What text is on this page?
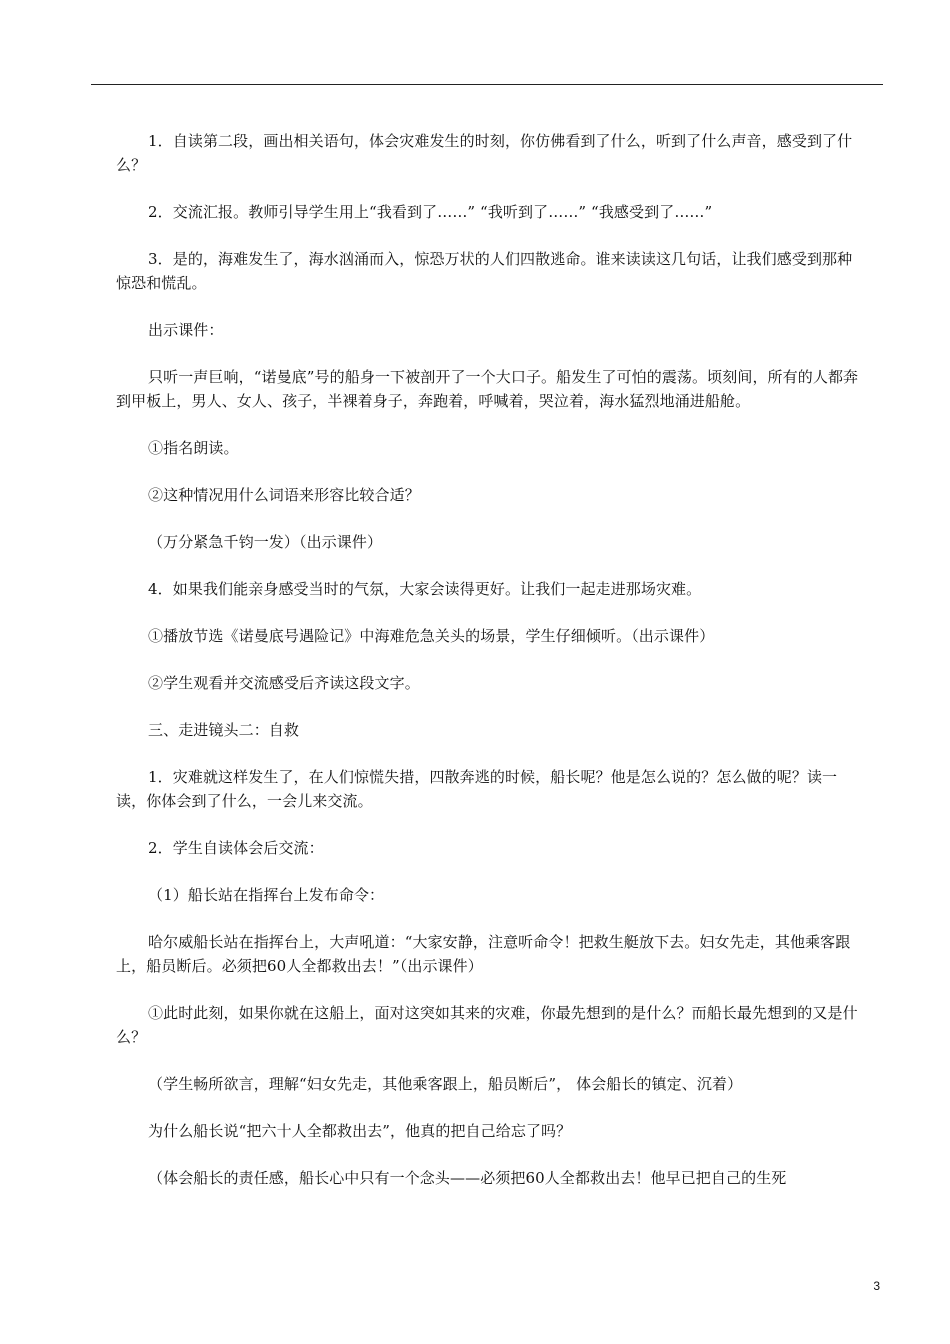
1．自读第二段，画出相关语句，体会灾难发生的时刻，你仿佛看到了什么，听到了什么声音，感受到了什么？

2．交流汇报。教师引导学生用上“我看到了……” “我听到了……” “我感受到了……”

3．是的，海难发生了，海水汹涌而入，惊恐万状的人们四散逃命。谁来读读这几句话，让我们感受到那种惊恐和慌乱。

出示课件：

只听一声巨响，“诺曼底”号的船身一下被剖开了一个大口子。船发生了可怕的震荡。顷刻间，所有的人都奔到甲板上，男人、女人、孩子，半裸着身子，奔跑着，呼喊着，哭泣着，海水猛烈地涌进船舱。

①指名朗读。

②这种情况用什么词语来形容比较合适？

（万分紧急千钧一发）（出示课件）

4．如果我们能亲身感受当时的气氛，大家会读得更好。让我们一起走进那场灾难。

①播放节选《诺曼底号遇险记》中海难危急关头的场景，学生仔细倾听。（出示课件）

②学生观看并交流感受后齐读这段文字。

三、走进镜头二：自救

1．灾难就这样发生了，在人们惊慌失措，四散奔逃的时候，船长呢？他是怎么说的？怎么做的呢？读一读，你体会到了什么，一会儿来交流。

2．学生自读体会后交流：

（1）船长站在指挥台上发布命令：

哈尔威船长站在指挥台上，大声吼道：“大家安静，注意听命令！把救生艇放下去。妇女先走，其他乘客跟上，船员断后。必须把60人全都救出去！”（出示课件）

①此时此刻，如果你就在这船上，面对这突如其来的灾难，你最先想到的是什么？而船长最先想到的又是什么？

（学生畅所欲言，理解“妇女先走，其他乘客跟上，船员断后”， 体会船长的镇定、沉着）

为什么船长说“把六十人全都救出去”，他真的把自己给忘了吗？

（体会船长的责任感，船长心中只有一个念头——必须把60人全都救出去！他早已把自己的生死

3
